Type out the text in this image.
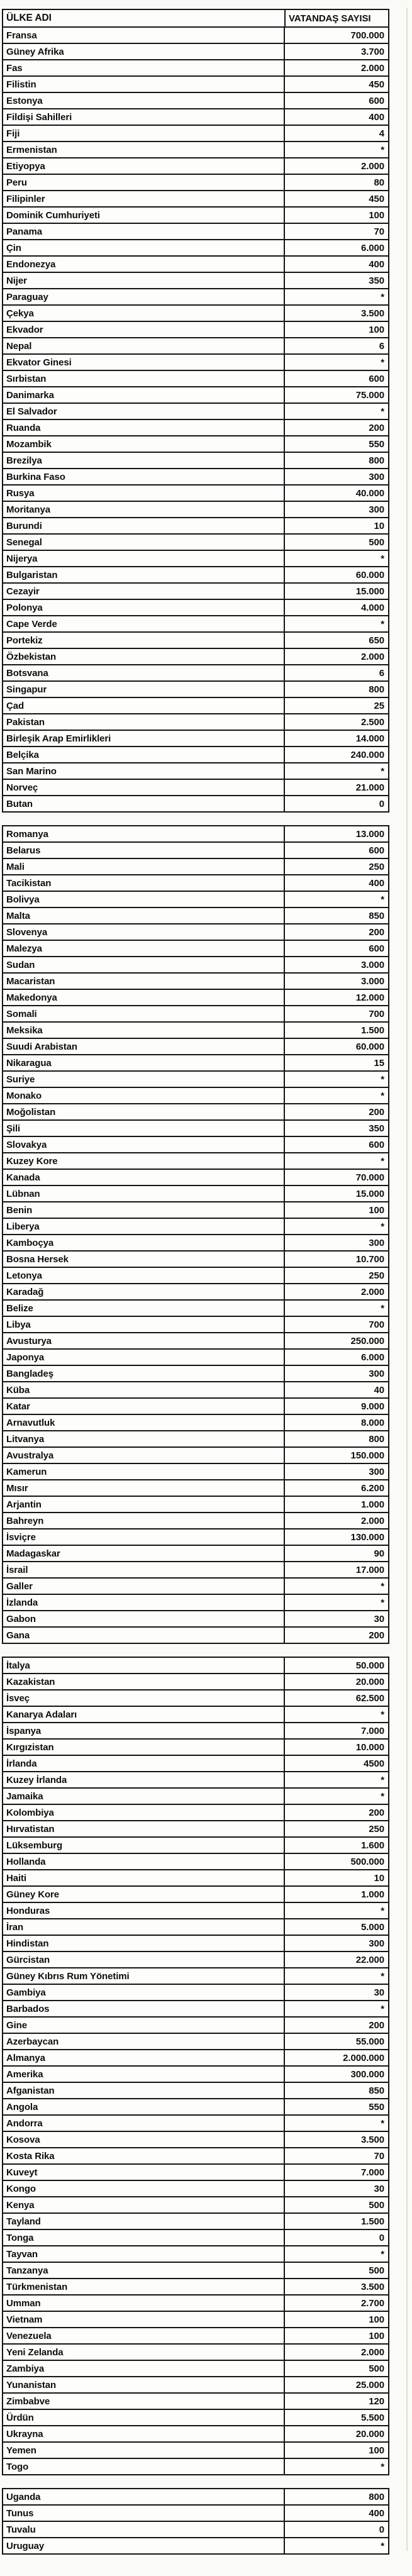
ÜLKE ADI	VATANDAŞ SAYISI
Fransa	700.000
Güney Afrika	3.700
Fas	2.000
Filistin	450
Estonya	600
Fildişi Sahilleri	400
Fiji	4
Ermenistan	*
Etiyopya	2.000
Peru	80
Filipinler	450
Dominik Cumhuriyeti	100
Panama	70
Çin	6.000
Endonezya	400
Nijer	350
Paraguay	*
Çekya	3.500
Ekvador	100
Nepal	6
Ekvator Ginesi	*
Sırbistan	600
Danimarka	75.000
El Salvador	*
Ruanda	200
Mozambik	550
Brezilya	800
Burkina Faso	300
Rusya	40.000
Moritanya	300
Burundi	10
Senegal	500
Nijerya	*
Bulgaristan	60.000
Cezayir	15.000
Polonya	4.000
Cape Verde	*
Portekiz	650
Özbekistan	2.000
Botsvana	6
Singapur	800
Çad	25
Pakistan	2.500
Birleşik Arap Emirlikleri	14.000
Belçika	240.000
San Marino	*
Norveç	21.000
Butan	0
Romanya	13.000
Belarus	600
Mali	250
Tacikistan	400
Bolivya	*
Malta	850
Slovenya	200
Malezya	600
Sudan	3.000
Macaristan	3.000
Makedonya	12.000
Somali	700
Meksika	1.500
Suudi Arabistan	60.000
Nikaragua	15
Suriye	*
Monako	*
Moğolistan	200
Şili	350
Slovakya	600
Kuzey Kore	*
Kanada	70.000
Lübnan	15.000
Benin	100
Liberya	*
Kamboçya	300
Bosna Hersek	10.700
Letonya	250
Karadağ	2.000
Belize	*
Libya	700
Avusturya	250.000
Japonya	6.000
Bangladeş	300
Küba	40
Katar	9.000
Arnavutluk	8.000
Litvanya	800
Avustralya	150.000
Kamerun	300
Mısır	6.200
Arjantin	1.000
Bahreyn	2.000
İsviçre	130.000
Madagaskar	90
İsrail	17.000
Galler	*
İzlanda	*
Gabon	30
Gana	200
İtalya	50.000
Kazakistan	20.000
İsveç	62.500
Kanarya Adaları	*
İspanya	7.000
Kırgızistan	10.000
İrlanda	4500
Kuzey İrlanda	*
Jamaika	*
Kolombiya	200
Hırvatistan	250
Lüksemburg	1.600
Hollanda	500.000
Haiti	10
Güney Kore	1.000
Honduras	*
İran	5.000
Hindistan	300
Gürcistan	22.000
Güney Kıbrıs Rum Yönetimi	*
Gambiya	30
Barbados	*
Gine	200
Azerbaycan	55.000
Almanya	2.000.000
Amerika	300.000
Afganistan	850
Angola	550
Andorra	*
Kosova	3.500
Kosta Rika	70
Kuveyt	7.000
Kongo	30
Kenya	500
Tayland	1.500
Tonga	0
Tayvan	*
Tanzanya	500
Türkmenistan	3.500
Umman	2.700
Vietnam	100
Venezuela	100
Yeni Zelanda	2.000
Zambiya	500
Yunanistan	25.000
Zimbabve	120
Ürdün	5.500
Ukrayna	20.000
Yemen	100
Togo	*
Uganda	800
Tunus	400
Tuvalu	0
Uruguay	*
